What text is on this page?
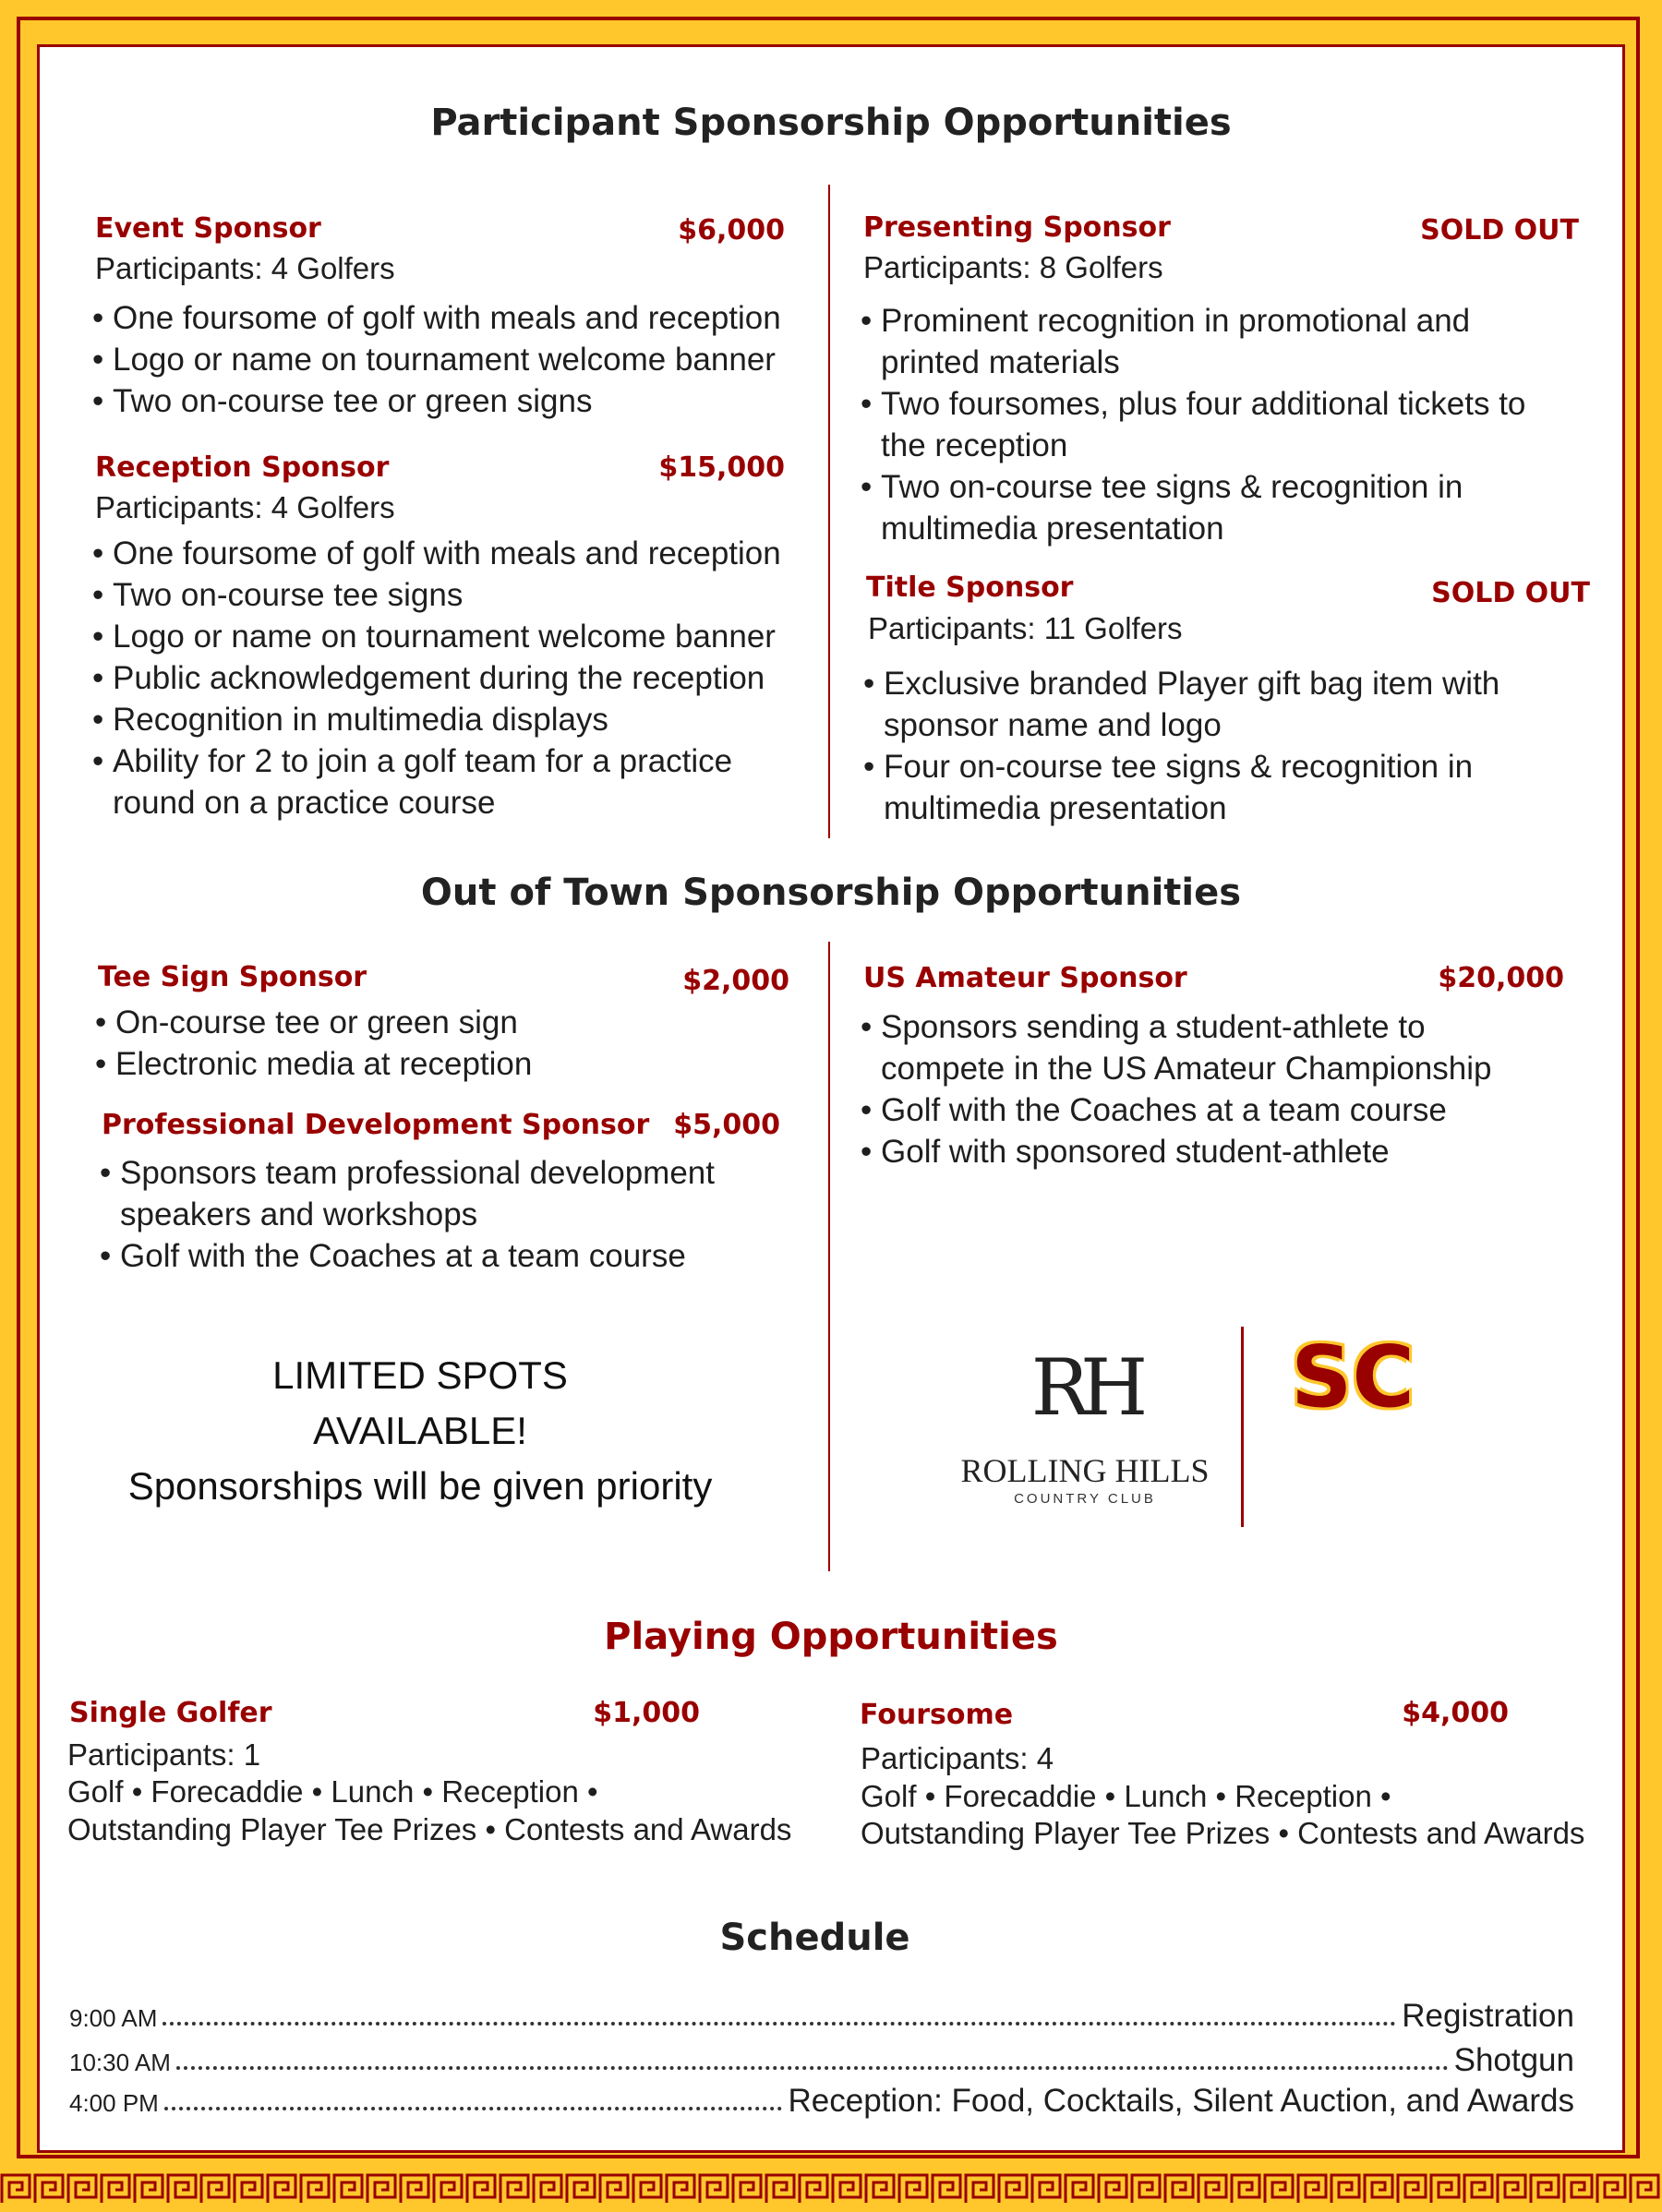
Participant Sponsorship Opportunities
Event Sponsor	$6,000
Participants: 4 Golfers
• One foursome of golf with meals and reception
• Logo or name on tournament welcome banner
• Two on-course tee or green signs
Reception Sponsor	$15,000
Participants: 4 Golfers
• One foursome of golf with meals and reception
• Two on-course tee signs
• Logo or name on tournament welcome banner
• Public acknowledgement during the reception
• Recognition in multimedia displays
• Ability for 2 to join a golf team for a practice round on a practice course
Presenting Sponsor	SOLD OUT
Participants: 8 Golfers
• Prominent recognition in promotional and printed materials
• Two foursomes, plus four additional tickets to the reception
• Two on-course tee signs & recognition in multimedia presentation
Title Sponsor	SOLD OUT
Participants: 11 Golfers
• Exclusive branded Player gift bag item with sponsor name and logo
• Four on-course tee signs & recognition in multimedia presentation
Out of Town Sponsorship Opportunities
Tee Sign Sponsor	$2,000
• On-course tee or green sign
• Electronic media at reception
Professional Development Sponsor $5,000
• Sponsors team professional development speakers and workshops
• Golf with the Coaches at a team course
US Amateur Sponsor	$20,000
• Sponsors sending a student-athlete to compete in the US Amateur Championship
• Golf with the Coaches at a team course
• Golf with sponsored student-athlete
LIMITED SPOTS
AVAILABLE!
Sponsorships will be given priority
RH
ROLLING HILLS
COUNTRY CLUB
SC
Playing Opportunities
Single Golfer	$1,000
Participants: 1
Golf • Forecaddie • Lunch • Reception •
Outstanding Player Tee Prizes • Contests and Awards
Foursome	$4,000
Participants: 4
Golf • Forecaddie • Lunch • Reception •
Outstanding Player Tee Prizes • Contests and Awards
Schedule
9:00 AM	Registration
10:30 AM	Shotgun
4:00 PM	Reception: Food, Cocktails, Silent Auction, and Awards
